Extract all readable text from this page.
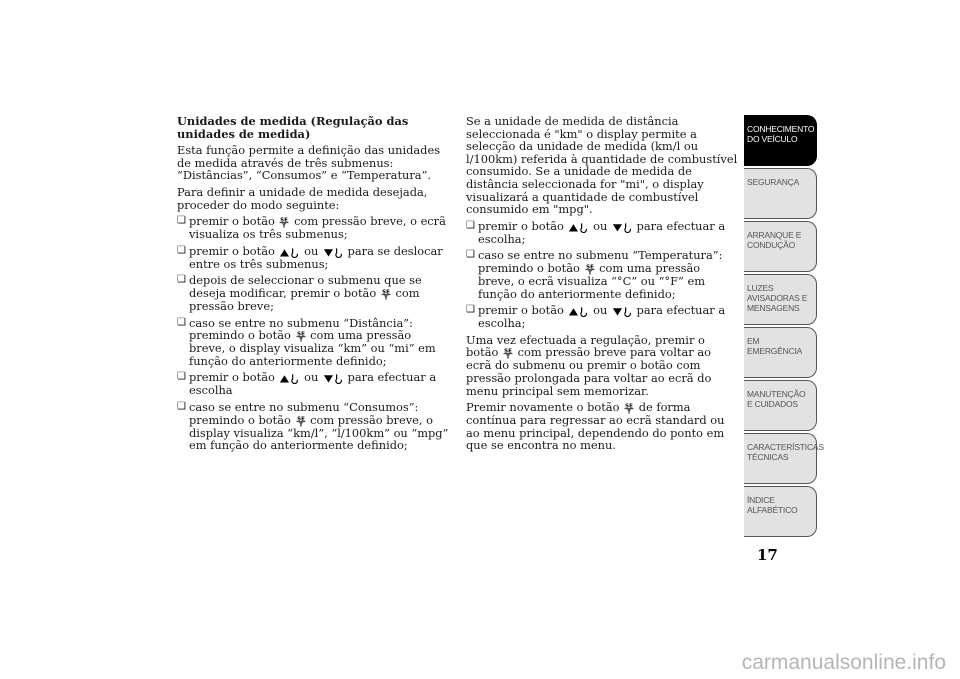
Unidades de medida (Regulação das unidades de medida)

Esta função permite a definição das unidades de medida através de três submenus: “Distâncias”, “Consumos” e “Temperatura”.

Para definir a unidade de medida desejada, proceder do modo seguinte:

❏ premir o botão com pressão breve, o ecrã visualiza os três submenus;
❏ premir o botão	ou	para se deslocar entre os três submenus;
❏ depois de seleccionar o submenu que se deseja modificar, premir o botão com pressão breve;
❏ caso se entre no submenu “Distância”: premindo o botão com uma pressão breve, o display visualiza “km” ou “mi” em função do anteriormente definido;
❏ premir o botão	ou	para efectuar a escolha
❏ caso se entre no submenu “Consumos”: premindo o botão com pressão breve, o display visualiza “km/l”, “l/100km” ou “mpg” em função do anteriormente definido;

Se a unidade de medida de distância seleccionada é "km" o display permite a selecção da unidade de medida (km/l ou l/100km) referida à quantidade de combustível consumido. Se a unidade de medida de distância seleccionada for "mi", o display visualizará a quantidade de combustível consumido em "mpg".

❏ premir o botão	ou	para efectuar a escolha;
❏ caso se entre no submenu “Temperatura”: premindo o botão com uma pressão breve, o ecrã visualiza “°C” ou “°F” em função do anteriormente definido;
❏ premir o botão	ou	para efectuar a escolha;

Uma vez efectuada a regulação, premir o botão com pressão breve para voltar ao ecrã do submenu ou premir o botão com pressão prolongada para voltar ao ecrã do menu principal sem memorizar.

Premir novamente o botão de forma contínua para regressar ao ecrã standard ou ao menu principal, dependendo do ponto em que se encontra no menu.

CONHECIMENTO DO VEÍCULO
SEGURANÇA
ARRANQUE E CONDUÇÃO
LUZES AVISADORAS E MENSAGENS
EM EMERGÊNCIA
MANUTENÇÃO E CUIDADOS
CARACTERÍSTICAS TÉCNICAS
ÍNDICE ALFABÉTICO
17
carmanualsonline.info
